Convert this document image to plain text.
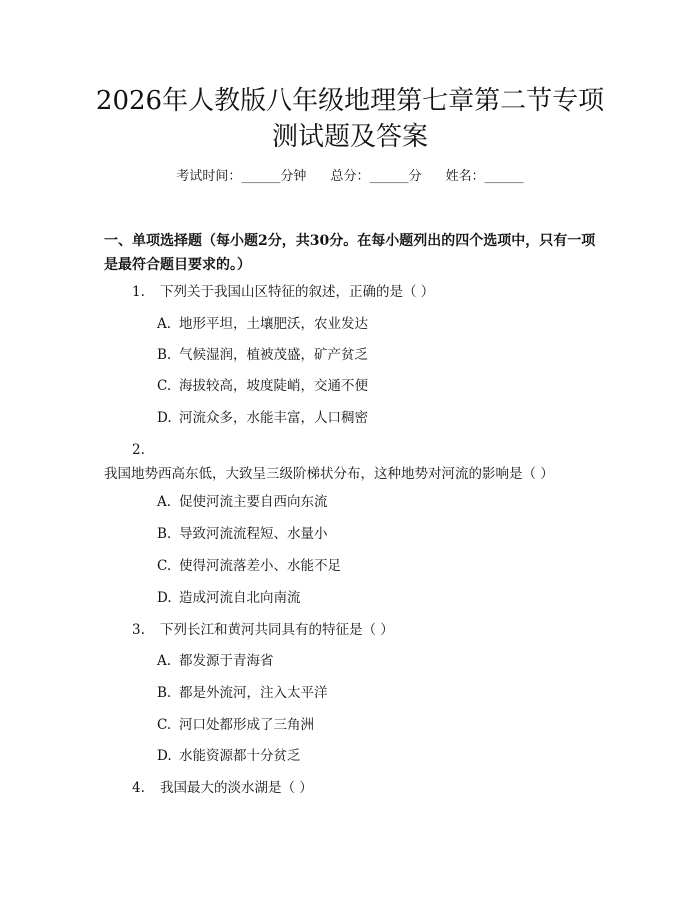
2026年人教版八年级地理第七章第二节专项
测试题及答案
考试时间：______分钟 总分：______分 姓名：______

一、单项选择题（每小题2分，共30分。在每小题列出的四个选项中，只有一项是最符合题目要求的。）

1. 下列关于我国山区特征的叙述，正确的是（ ）
A. 地形平坦，土壤肥沃，农业发达
B. 气候湿润，植被茂盛，矿产贫乏
C. 海拔较高，坡度陡峭，交通不便
D. 河流众多，水能丰富，人口稠密

2.我国地势西高东低，大致呈三级阶梯状分布，这种地势对河流的影响是（ ）

A. 促使河流主要自西向东流
B. 导致河流流程短、水量小
C. 使得河流落差小、水能不足
D. 造成河流自北向南流
3. 下列长江和黄河共同具有的特征是（ ）
A. 都发源于青海省
B. 都是外流河，注入太平洋
C. 河口处都形成了三角洲
D. 水能资源都十分贫乏
4. 我国最大的淡水湖是（ ）
